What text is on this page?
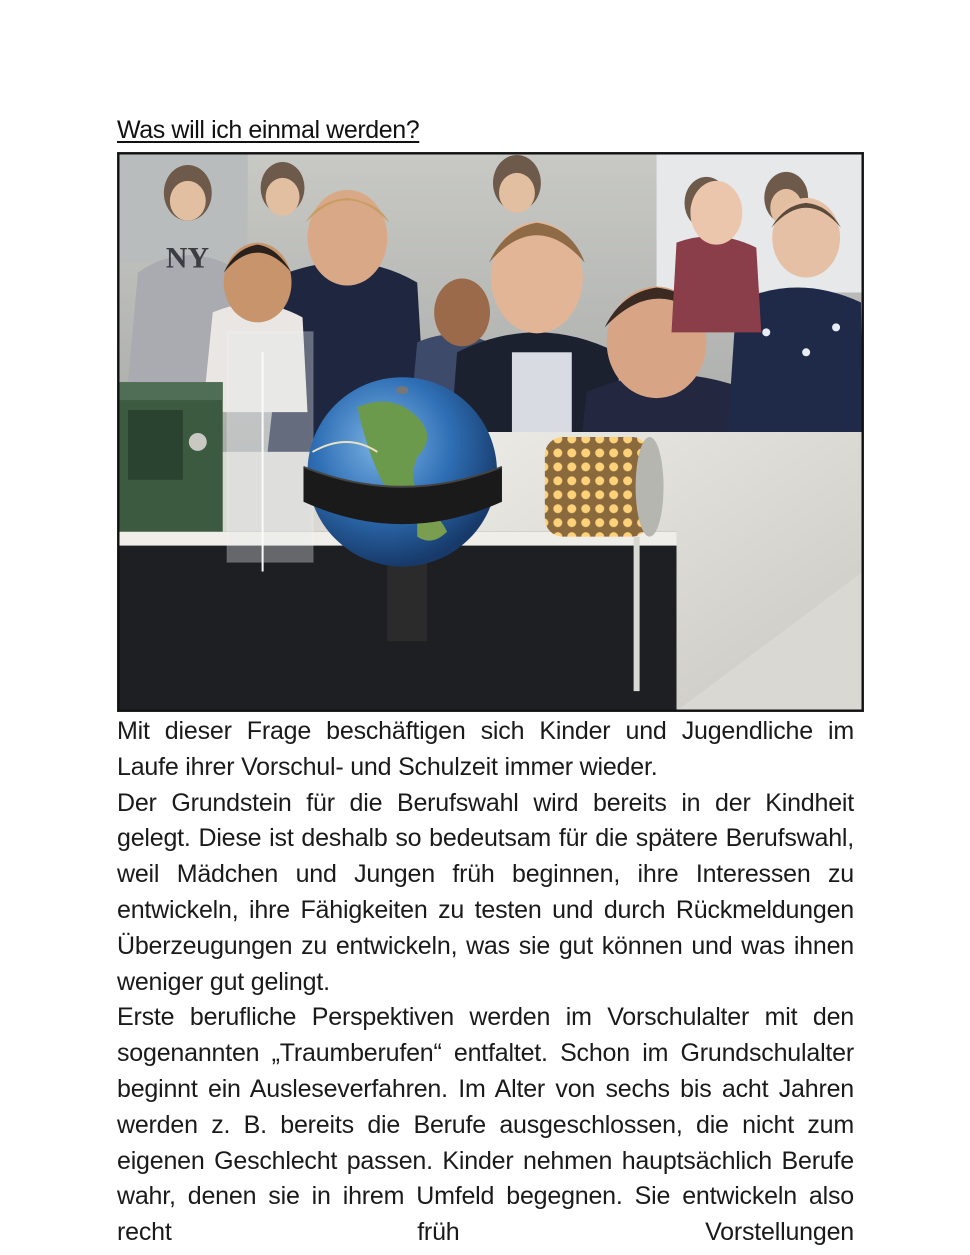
Was will ich einmal werden?
NY

Mit dieser Frage beschäftigen sich Kinder und Jugendliche im Laufe ihrer Vorschul- und Schulzeit immer wieder.

Der Grundstein für die Berufswahl wird bereits in der Kindheit gelegt. Diese ist deshalb so bedeutsam für die spätere Berufswahl, weil Mädchen und Jungen früh beginnen, ihre Interessen zu entwickeln, ihre Fähigkeiten zu testen und durch Rückmeldungen Überzeugungen zu entwickeln, was sie gut können und was ihnen weniger gut gelingt.

Erste berufliche Perspektiven werden im Vorschulalter mit den sogenannten „Traumberufen“ entfaltet. Schon im Grundschulalter beginnt ein Ausleseverfahren. Im Alter von sechs bis acht Jahren werden z. B. bereits die Berufe ausgeschlossen, die nicht zum eigenen Geschlecht passen. Kinder nehmen hauptsächlich Berufe wahr, denen sie in ihrem Umfeld begegnen. Sie entwickeln also recht früh Vorstellungen
